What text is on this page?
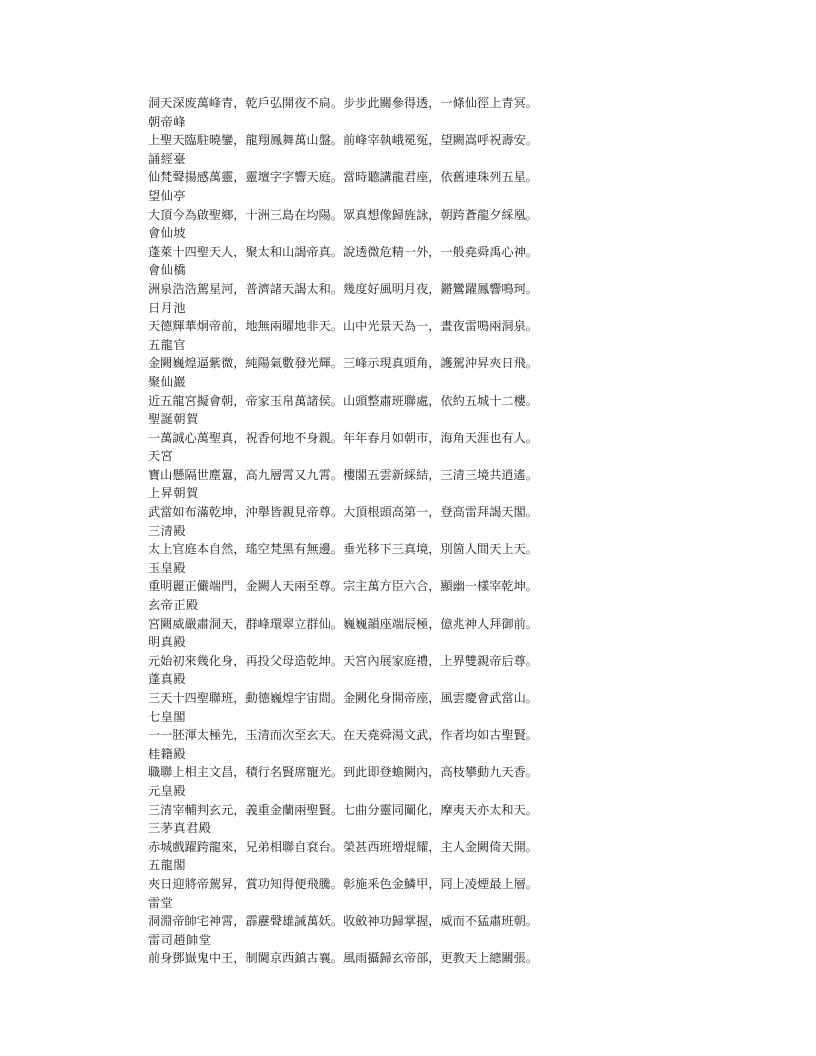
洞天深废萬峰青，乾戶弘開夜不扃。步步此關參得透，一條仙徑上青冥。
朝帝峰
上聖天臨駐曉鑾，龍翔鳳舞萬山盤。前峰宰執峨冕冤，望闕嵩呼祝壽安。
誦經臺
仙梵聲揚感萬靈，靈壇字字響天庭。當時聽講龍君座，依舊連珠列五星。
望仙亭
大頂今為啟聖鄉，十洲三島在均陽。眾真想像歸旌詠，朝跨蒼龍夕綵凰。
會仙坡
蓬萊十四聖天人，聚太和山謁帝真。說透微危精一外，一般堯舜禹心神。
會仙橋
洲泉浩浩駕星河，普濟諸天謁太和。幾度好風明月夜，鏘鸞躍鳳響鳴珂。
日月池
天德輝華炯帝前，地無兩曜地非天。山中光景天為一，晝夜雷鳴兩洞泉。
五龍官
金闕巍煌逼紫微，純陽氣數發光輝。三峰示現真頭角，護駕沖昇夾日飛。
聚仙巖
近五龍宮擬會朝，帝家玉帛萬諸侯。山頭整肅班聯處，依約五城十二樓。
聖誕朝賀
一萬誠心萬聖真，祝香何地不身親。年年春月如朝市，海角天涯也有人。
天宮
寶山懸隔世塵囂，高九層霄又九霄。樓閣五雲新綵結，三清三境共逍遙。
上昇朝賀
武當如布滿乾坤，沖舉皆親見帝尊。大頂根頭高第一，登高雷拜謁天閣。
三清殿
太上官庭本自然，瑤空梵黑有無邊。垂光移下三真境，別箇人間天上天。
玉皇殿
重明麗正儼端門，金闕人天兩至尊。宗主萬方臣六合，顯幽一樣宰乾坤。
玄帝正殿
宮闕威嚴肅洞天，群峰環翠立群仙。巍巍韻座端辰極，億兆神人拜御前。
明真殿
元始初來幾化身，再投父母造乾坤。天宮內展家庭禮，上界雙親帝后尊。
蓬真殿
三天十四聖聯班，動德巍煌宇宙間。金闕化身開帝座，風雲慶會武當山。
七皇閣
一一胚渾太極先，玉清而次至玄天。在天堯舜湯文武，作者均如古聖賢。
桂籍殿
職聯上相主文昌，積行名賢席寵光。到此即登蟾闕內，高枝攀動九天香。
元皇殿
三清宰輔判玄元，義重金蘭兩聖賢。七曲分靈同闡化，摩夷天亦太和天。
三茅真君殿
赤城戲躍跨龍來，兄弟相聯自袞台。榮甚西班增焜耀，主人金闕倚天開。
五龍閣
夾日迎將帝駕昇，賞功知得便飛騰。彰施釆色金鱗甲，同上凌煙最上層。
雷堂
洞淵帝帥宅神霄，霹靂聲雄誡萬妖。收斂神功歸掌握，威而不猛肅班朝。
雷司趙帥堂
前身鄧嶽鬼中王，制閫京西鎮古襄。風雨攝歸玄帝部，更教天上總關張。
